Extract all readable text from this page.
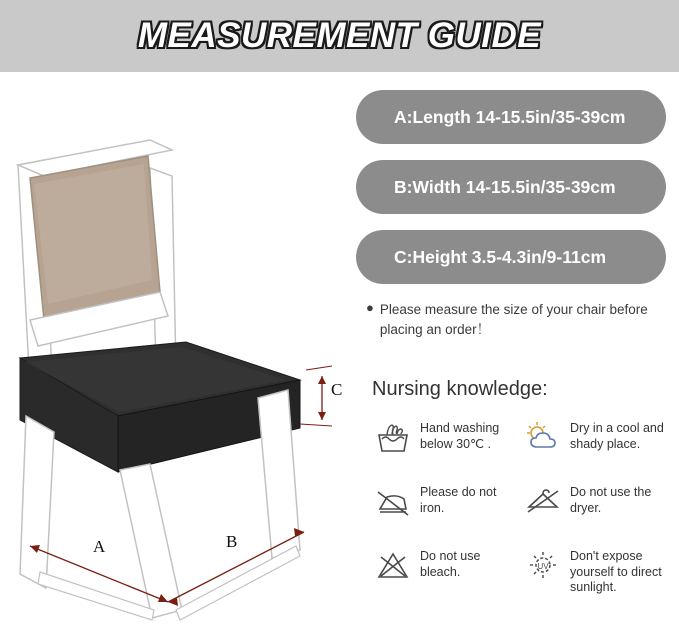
MEASUREMENT GUIDE
A	B
C
A:Length 14-15.5in/35-39cm
B:Width 14-15.5in/35-39cm
C:Height 3.5-4.3in/9-11cm
● Please measure the size of your chair before placing an order！
Nursing knowledge:
Hand washing below 30℃ .
Dry in a cool and shady place.
Please do not iron.
Do not use the dryer.
Do not use bleach.	UV
Don't expose yourself to direct sunlight.
